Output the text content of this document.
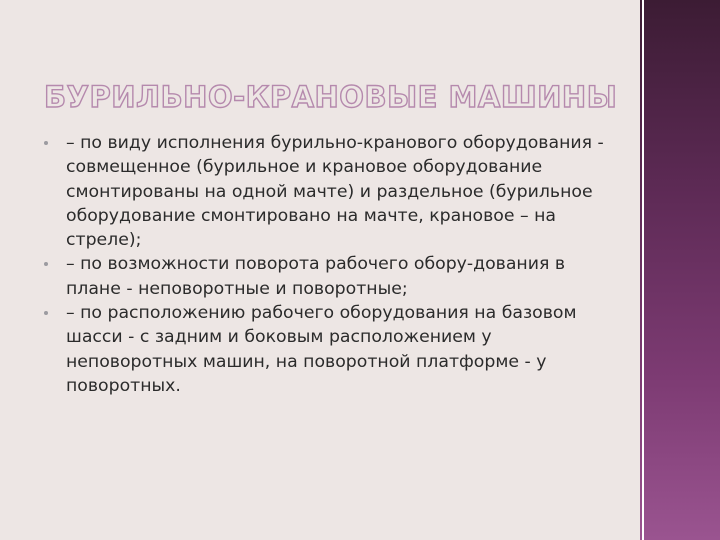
БУРИЛЬНО-КРАНОВЫЕ МАШИНЫ
– по виду исполнения бурильно-кранового оборудования - совмещенное (бурильное и крановое оборудование смонтированы на одной мачте) и раздельное (бурильное оборудование смонтировано на мачте, крановое – на стреле);
– по возможности поворота рабочего обору-дования в плане - неповоротные и поворотные;
– по расположению рабочего оборудования на базовом шасси - с задним и боковым расположением у неповоротных машин, на поворотной платформе - у поворотных.
